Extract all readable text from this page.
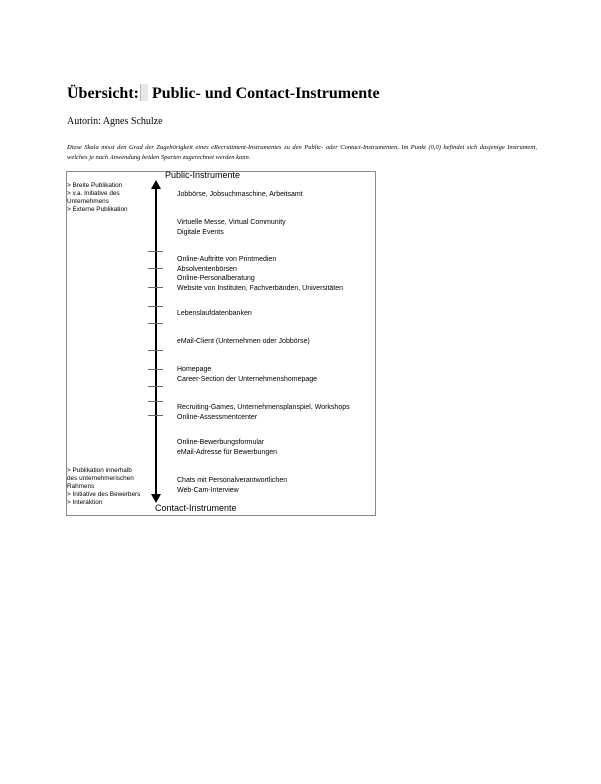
Übersicht: Public- und Contact-Instrumente
Autorin: Agnes Schulze
Diese Skala misst den Grad der Zugehörigkeit eines eRecruitment-Instrumentes zu den Public- oder Contact-Instrumenten. Im Punkt (0,0) befindet sich dasjenige Instrument, welches je nach Anwendung beiden Sparten zugerechnet werden kann.
Public-Instrumente
> Breite Publikation
> v.a. Initiative des
Unternehmens
> Externe Publikation
Jobbörse, Jobsuchmaschine, Arbeitsamt
Virtuelle Messe, Virtual Community
Digitale Events
Online-Auftritte von Printmedien
Absolventenbörsen
Online-Personalberatung
Website von Instituten, Fachverbänden, Universitäten
Lebenslaufdatenbanken
eMail-Client (Unternehmen oder Jobbörse)
Homepage
Career-Section der Unternehmenshomepage
Recruiting-Games, Unternehmensplanspiel, Workshops
Online-Assessmentcenter
Online-Bewerbungsformular
eMail-Adresse für Bewerbungen
Chats mit Personalverantwortlichen
Web-Cam-Interview
> Publikation innerhalb
des unternehmerischen
Rahmens
> Initiative des Bewerbers
> Interaktion
Contact-Instrumente
